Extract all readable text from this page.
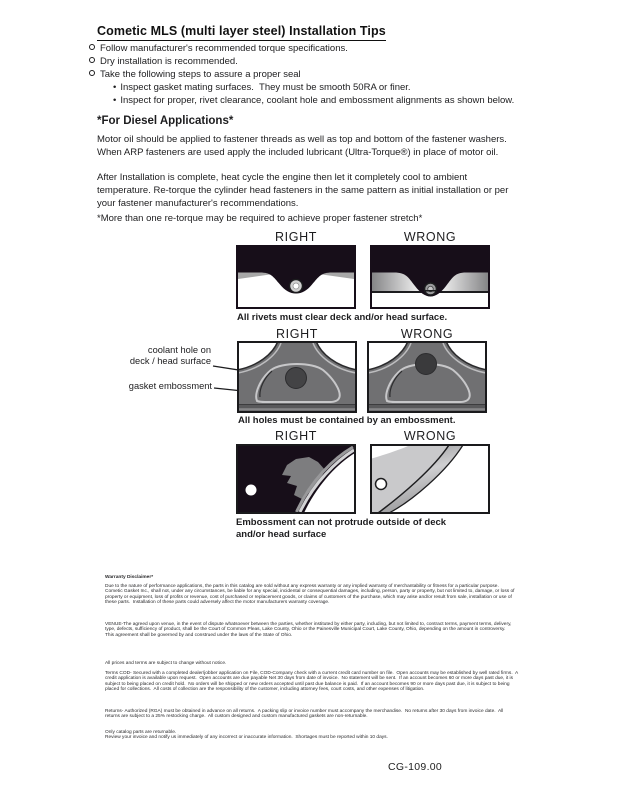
Cometic MLS (multi layer steel) Installation Tips
Follow manufacturer's recommended torque specifications.
Dry installation is recommended.
Take the following steps to assure a proper seal
• Inspect gasket mating surfaces.  They must be smooth 50RA or finer.
• Inspect for proper, rivet clearance, coolant hole and embossment alignments as shown below.
*For Diesel Applications*
Motor oil should be applied to fastener threads as well as top and bottom of the fastener washers. When ARP fasteners are used apply the included lubricant (Ultra-Torque®) in place of motor oil.
After Installation is complete, heat cycle the engine then let it completely cool to ambient temperature. Re-torque the cylinder head fasteners in the same pattern as initial installation or per your fastener manufacturer's recommendations.
*More than one re-torque may be required to achieve proper fastener stretch*
RIGHT	WRONG
All rivets must clear deck and/or head surface.
RIGHT	WRONG
coolant hole on
deck / head surface
gasket embossment
All holes must be contained by an embossment.
RIGHT	WRONG
Embossment can not protrude outside of deck
and/or head surface
Warranty Disclaimer*
Due to the nature of performance applications, the parts in this catalog are sold without any express warranty or any implied warranty of merchantability or fitness for a particular purpose.  Cometic Gasket Inc., shall not, under any circumstances, be liable for any special, incidental or consequential damages, including, person, party or property, but not limited to, damage, or loss of property or equipment, loss of profits or revenue, cost of purchased or replacement goods, or claims of customers of the purchase, which may arise and/or result from sale, installation or use of these parts.  Installation of these parts could adversely affect the motor manufacturers warranty coverage.
VENUE-The agreed upon venue, in the event of dispute whatsoever between the parties, whether instituted by either party, including, but not limited to, contract terms, payment terms, delivery, type, defects, sufficiency of product, shall be the Court of Common Pleas, Lake County, Ohio or the Painesville Municipal Court, Lake County, Ohio, depending on the amount in controversy.
This agreement shall be governed by and construed under the laws of the State of Ohio.
All prices and terms are subject to change without notice.
Terms COD- Secured with a completed dealer/jobber application on File, COD-Company check with a current credit card number on file.  Open accounts may be established by well rated firms.  A credit application is available upon request.  Open accounts are due payable Net 30 days from date of invoice.  No statement will be sent.  If an account becomes 60 or more days past due, it is subject to being placed on credit hold.  No orders will be shipped or new orders accepted until past due balance is paid.  If an account becomes 90 or more days past due, it is subject to being placed for collections.  All costs of collection are the responsibility of the customer, including attorney fees, court costs, and other expenses of litigation.
Returns- Authorized (RGA) must be obtained in advance on all returns.  A packing slip or invoice number must accompany the merchandise.  No returns after 30 days from invoice date.  All returns are subject to a 25% restocking charge.  All custom designed and custom manufactured gaskets are non-returnable.
Only catalog parts are returnable.
Review your invoice and notify us immediately of any incorrect or inaccurate information.  Shortages must be reported within 10 days.
CG-109.00
